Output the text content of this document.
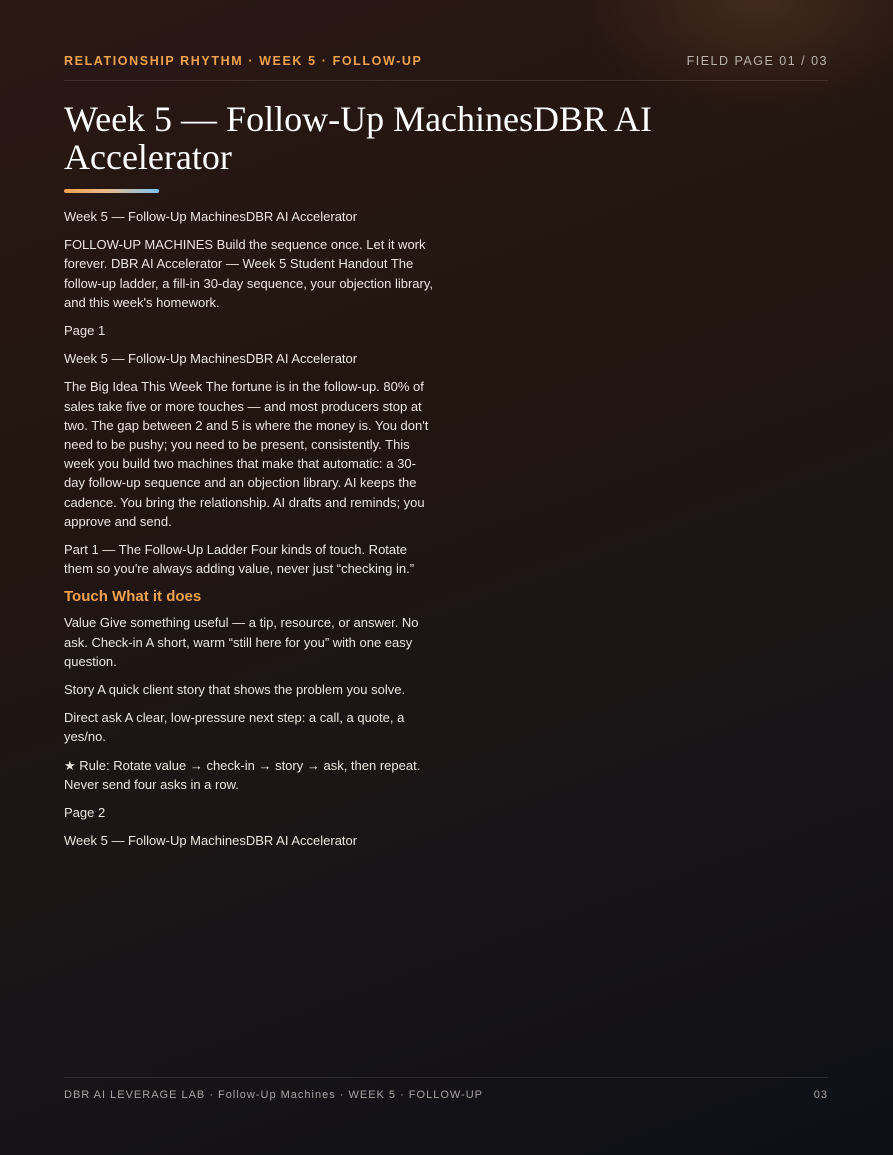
RELATIONSHIP RHYTHM · WEEK 5 · FOLLOW-UP	FIELD PAGE 01 / 03
Week 5 — Follow-Up MachinesDBR AI Accelerator

Week 5 — Follow-Up MachinesDBR AI Accelerator

FOLLOW-UP MACHINES Build the sequence once. Let it work forever. DBR AI Accelerator — Week 5 Student Handout The follow-up ladder, a fill-in 30-day sequence, your objection library, and this week's homework.

Page 1

Week 5 — Follow-Up MachinesDBR AI Accelerator

The Big Idea This Week The fortune is in the follow-up. 80% of sales take five or more touches — and most producers stop at two. The gap between 2 and 5 is where the money is. You don't need to be pushy; you need to be present, consistently. This week you build two machines that make that automatic: a 30-day follow-up sequence and an objection library. AI keeps the cadence. You bring the relationship. AI drafts and reminds; you approve and send.

Part 1 — The Follow-Up Ladder Four kinds of touch. Rotate them so you're always adding value, never just “checking in.”

Touch What it does

Value Give something useful — a tip, resource, or answer. No ask. Check-in A short, warm “still here for you” with one easy question.

Story A quick client story that shows the problem you solve.

Direct ask A clear, low-pressure next step: a call, a quote, a yes/no.

★ Rule: Rotate value → check-in → story → ask, then repeat. Never send four asks in a row.

Page 2

Week 5 — Follow-Up MachinesDBR AI Accelerator

DBR AI LEVERAGE LAB · Follow-Up Machines · WEEK 5 · FOLLOW-UP	03
